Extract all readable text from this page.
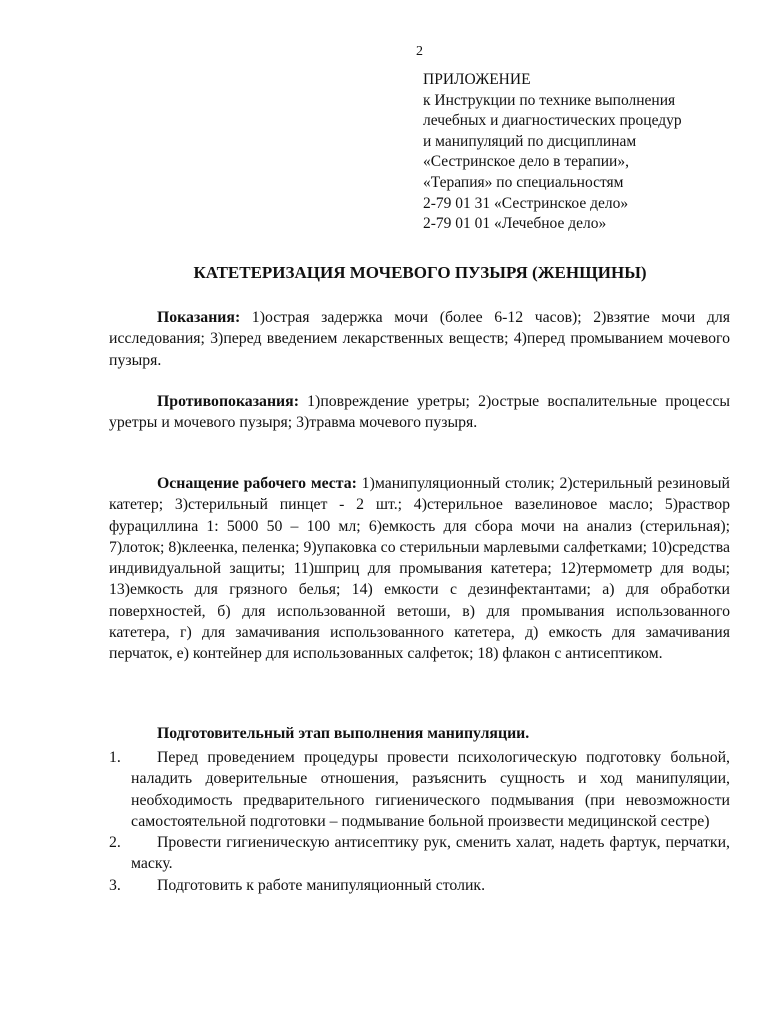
2
ПРИЛОЖЕНИЕ
к Инструкции по технике выполнения
лечебных и диагностических процедур
и манипуляций по дисциплинам
«Сестринское дело в терапии»,
«Терапия» по специальностям
2-79 01 31 «Сестринское дело»
2-79 01 01 «Лечебное дело»
КАТЕТЕРИЗАЦИЯ МОЧЕВОГО ПУЗЫРЯ (ЖЕНЩИНЫ)
Показания: 1)острая задержка мочи (более 6-12 часов); 2)взятие мочи для исследования; 3)перед введением лекарственных веществ; 4)перед промыванием мочевого пузыря.
Противопоказания: 1)повреждение уретры; 2)острые воспалительные процессы уретры и мочевого пузыря; 3)травма мочевого пузыря.
Оснащение рабочего места: 1)манипуляционный столик; 2)стерильный резиновый катетер; 3)стерильный пинцет - 2 шт.; 4)стерильное вазелиновое масло; 5)раствор фурациллина 1: 5000 50 – 100 мл; 6)емкость для сбора мочи на анализ (стерильная); 7)лоток; 8)клеенка, пеленка; 9)упаковка со стерильныи марлевыми салфетками; 10)средства индивидуальной защиты; 11)шприц для промывания катетера; 12)термометр для воды; 13)емкость для грязного белья; 14) емкости с дезинфектантами; а) для обработки поверхностей, б) для использованной ветоши, в) для промывания использованного катетера, г) для замачивания использованного катетера, д) емкость для замачивания перчаток, е) контейнер для использованных салфеток; 18) флакон с антисептиком.
Подготовительный этап выполнения манипуляции.
1.	Перед проведением процедуры провести психологическую подготовку больной, наладить доверительные отношения, разъяснить сущность и ход манипуляции, необходимость предварительного гигиенического подмывания (при невозможности самостоятельной подготовки – подмывание больной произвести медицинской сестре)
2.	Провести гигиеническую антисептику рук, сменить халат, надеть фартук, перчатки, маску.
3.	Подготовить к работе манипуляционный столик.
